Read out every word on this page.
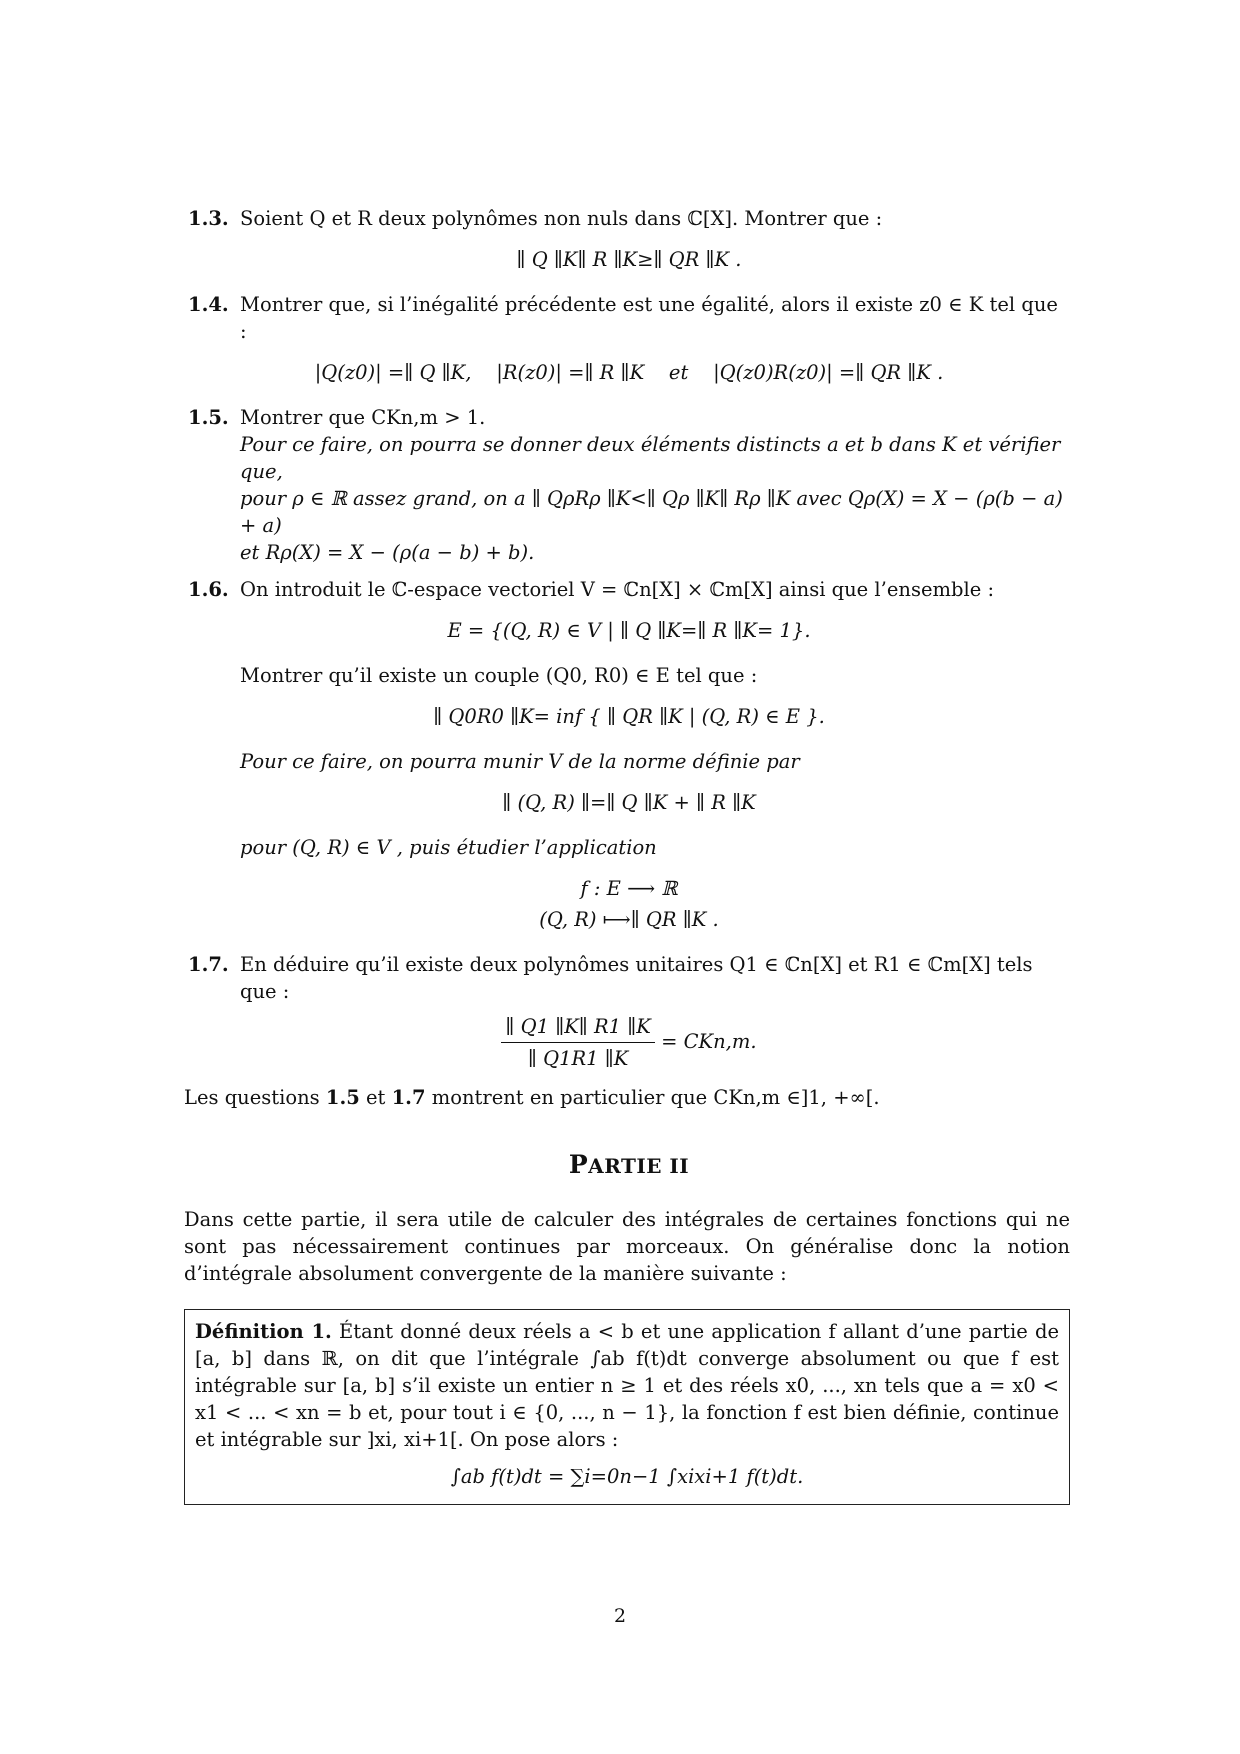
1.3. Soient Q et R deux polynômes non nuls dans ℂ[X]. Montrer que :
∥ Q ∥K∥ R ∥K≥∥ QR ∥K .
1.4. Montrer que, si l’inégalité précédente est une égalité, alors il existe z0 ∈ K tel que :
|Q(z0)| =∥ Q ∥K,    |R(z0)| =∥ R ∥K    et    |Q(z0)R(z0)| =∥ QR ∥K .
1.5. Montrer que CKn,m > 1.
Pour ce faire, on pourra se donner deux éléments distincts a et b dans K et vérifier que,
pour ρ ∈ ℝ assez grand, on a ∥ QρRρ ∥K<∥ Qρ ∥K∥ Rρ ∥K avec Qρ(X) = X − (ρ(b − a) + a)
et Rρ(X) = X − (ρ(a − b) + b).
1.6. On introduit le ℂ-espace vectoriel V = ℂn[X] × ℂm[X] ainsi que l’ensemble :
E = {(Q, R) ∈ V | ∥ Q ∥K=∥ R ∥K= 1}.
Montrer qu’il existe un couple (Q0, R0) ∈ E tel que :
∥ Q0R0 ∥K= inf { ∥ QR ∥K | (Q, R) ∈ E }.
Pour ce faire, on pourra munir V de la norme définie par
∥ (Q, R) ∥=∥ Q ∥K + ∥ R ∥K
pour (Q, R) ∈ V , puis étudier l’application
f : E ⟶ ℝ
(Q, R) ⟼∥ QR ∥K .
1.7. En déduire qu’il existe deux polynômes unitaires Q1 ∈ ℂn[X] et R1 ∈ ℂm[X] tels que :
$\frac{\parallel Q1 \parallel K\parallel R1 \parallel K}{\parallel Q1R1 \parallel K} = CKn,m$.
Les questions 1.5 et 1.7 montrent en particulier que CKn,m ∈]1, +∞[.
PARTIE II
Dans cette partie, il sera utile de calculer des intégrales de certaines fonctions qui ne sont pas nécessairement continues par morceaux. On généralise donc la notion d’intégrale absolument convergente de la manière suivante :
Définition 1. Étant donné deux réels a < b et une application f allant d’une partie de [a, b] dans ℝ, on dit que l’intégrale ∫ab f(t)dt converge absolument ou que f est intégrable sur [a, b] s’il existe un entier n ≥ 1 et des réels x0, ..., xn tels que a = x0 < x1 < ... < xn = b et, pour tout i ∈ {0, ..., n − 1}, la fonction f est bien définie, continue et intégrable sur ]xi, xi+1[. On pose alors :
∫ab f(t)dt = ∑i=0n−1 ∫xixi+1 f(t)dt.
2
